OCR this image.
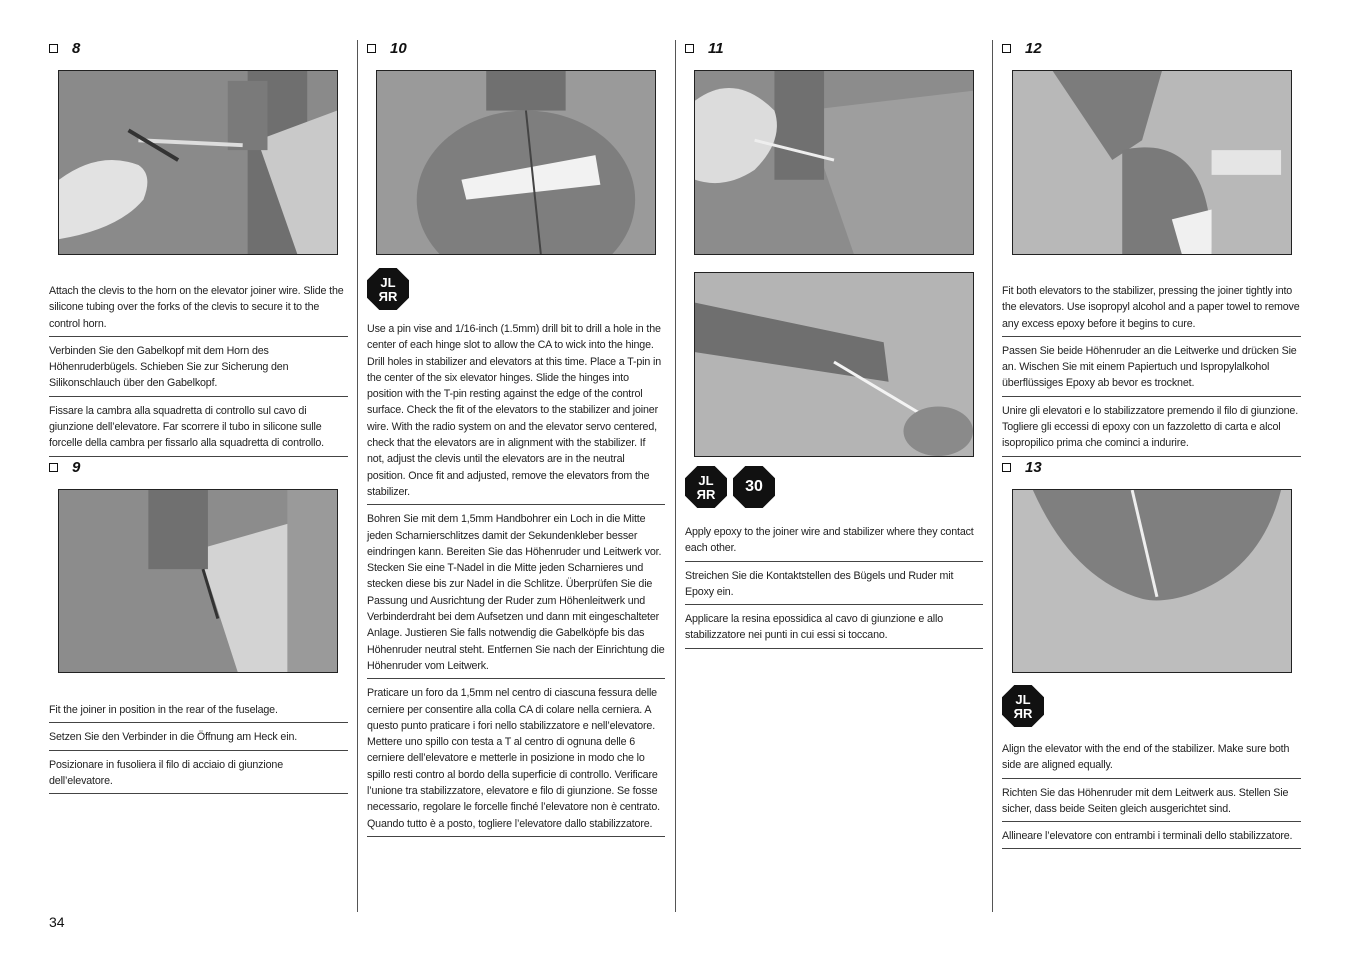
8
Attach the clevis to the horn on the elevator joiner wire. Slide the silicone tubing over the forks of the clevis to secure it to the control horn.
Verbinden Sie den Gabelkopf mit dem Horn des Höhenruderbügels. Schieben Sie zur Sicherung den Silikonschlauch über den Gabelkopf.
Fissare la cambra alla squadretta di controllo sul cavo di giunzione dell’elevatore. Far scorrere il tubo in silicone sulle forcelle della cambra per fissarlo alla squadretta di controllo.
9
Fit the joiner in position in the rear of the fuselage.
Setzen Sie den Verbinder in die Öffnung am Heck ein.
Posizionare in fusoliera il filo di acciaio di giunzione dell’elevatore.
10
Use a pin vise and 1/16-inch (1.5mm) drill bit to drill a hole in the center of each hinge slot to allow the CA to wick into the hinge. Drill holes in stabilizer and elevators at this time. Place a T-pin in the center of the six elevator hinges. Slide the hinges into position with the T-pin resting against the edge of the control surface. Check the fit of the elevators to the stabilizer and joiner wire. With the radio system on and the elevator servo centered, check that the elevators are in alignment with the stabilizer. If not, adjust the clevis until the elevators are in the neutral position. Once fit and adjusted, remove the elevators from the stabilizer.
Bohren Sie mit dem 1,5mm Handbohrer ein Loch in die Mitte jeden Scharnierschlitzes damit der Sekundenkleber besser eindringen kann. Bereiten Sie das Höhenruder und Leitwerk vor. Stecken Sie eine T-Nadel in die Mitte jeden Scharnieres und stecken diese bis zur Nadel in die Schlitze. Überprüfen Sie die Passung und Ausrichtung der Ruder zum Höhenleitwerk und Verbinderdraht bei dem Aufsetzen und dann mit eingeschalteter Anlage. Justieren Sie falls notwendig die Gabelköpfe bis das Höhenruder neutral steht. Entfernen Sie nach der Einrichtung die Höhenruder vom Leitwerk.
Praticare un foro da 1,5mm nel centro di ciascuna fessura delle cerniere per consentire alla colla CA di colare nella cerniera. A questo punto praticare i fori nello stabilizzatore e nell’elevatore. Mettere uno spillo con testa a T al centro di ognuna delle 6 cerniere dell’elevatore e metterle in posizione in modo che lo spillo resti contro al bordo della superficie di controllo. Verificare l’unione tra stabilizzatore, elevatore e filo di giunzione. Se fosse necessario, regolare le forcelle finché l’elevatore non è centrato. Quando tutto è a posto, togliere l’elevatore dallo stabilizzatore.
11
30
Apply epoxy to the joiner wire and stabilizer where they contact each other.
Streichen Sie die Kontaktstellen des Bügels und Ruder mit Epoxy ein.
Applicare la resina epossidica al cavo di giunzione e allo stabilizzatore nei punti in cui essi si toccano.
12
Fit both elevators to the stabilizer, pressing the joiner tightly into the elevators. Use isopropyl alcohol and a paper towel to remove any excess epoxy before it begins to cure.
Passen Sie beide Höhenruder an die Leitwerke und drücken Sie an. Wischen Sie mit einem Papiertuch und Ispropylalkohol überflüssiges Epoxy ab bevor es trocknet.
Unire gli elevatori e lo stabilizzatore premendo il filo di giunzione. Togliere gli eccessi di epoxy con un fazzoletto di carta e alcol isopropilico prima che cominci a indurire.
13
Align the elevator with the end of the stabilizer. Make sure both side are aligned equally.
Richten Sie das Höhenruder mit dem Leitwerk aus. Stellen Sie sicher, dass beide Seiten gleich ausgerichtet sind.
Allineare l’elevatore con entrambi i terminali dello stabilizzatore.
34
